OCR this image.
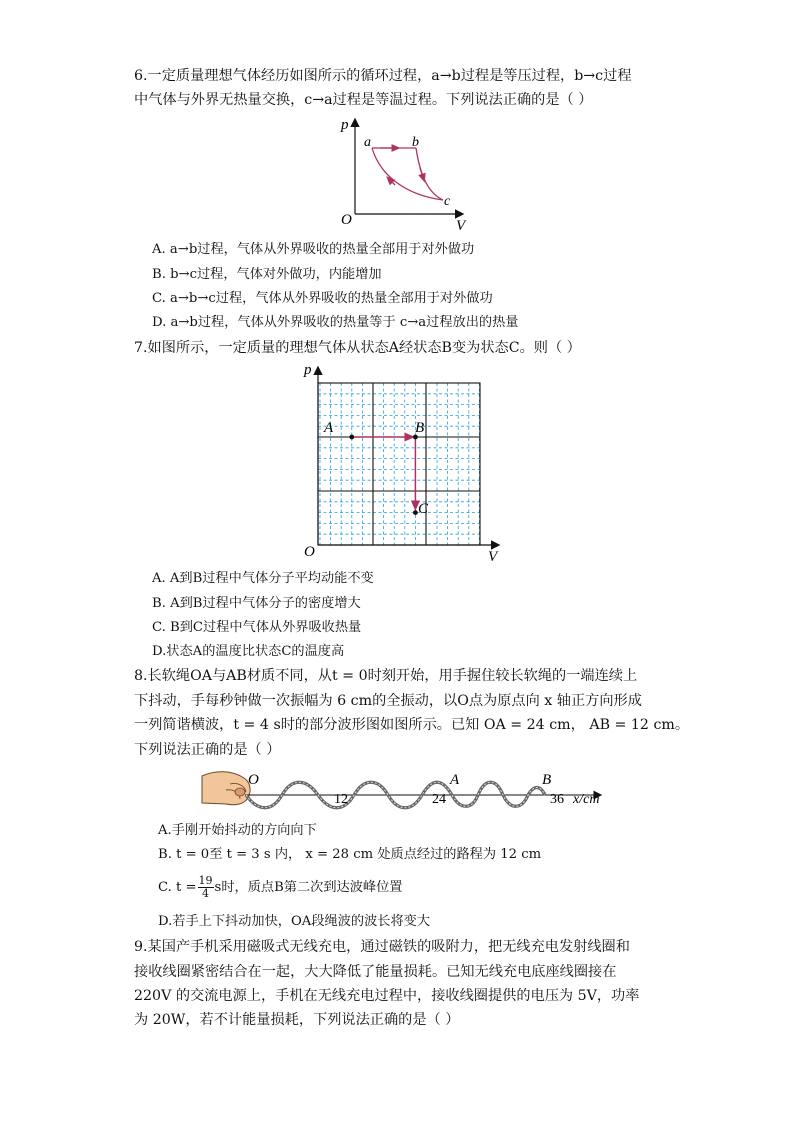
6.一定质量理想气体经历如图所示的循环过程，a→b过程是等压过程，b→c过程
中气体与外界无热量交换，c→a过程是等温过程。下列说法正确的是（ ）
p
V
O
a	b
c
A. a→b过程，气体从外界吸收的热量全部用于对外做功
B. b→c过程，气体对外做功，内能增加
C. a→b→c过程，气体从外界吸收的热量全部用于对外做功
D. a→b过程，气体从外界吸收的热量等于 c→a过程放出的热量
7.如图所示，一定质量的理想气体从状态A经状态B变为状态C。则（ ）
p
V
O
A	B
C
A. A到B过程中气体分子平均动能不变
B. A到B过程中气体分子的密度增大
C. B到C过程中气体从外界吸收热量
D.状态A的温度比状态C的温度高
8.长软绳OA与AB材质不同，从t = 0时刻开始，用手握住较长软绳的一端连续上
下抖动，手每秒钟做一次振幅为 6 cm的全振动，以O点为原点向 x 轴正方向形成
一列简谐横波，t = 4 s时的部分波形图如图所示。已知 OA = 24 cm， AB = 12 cm。
下列说法正确的是（ ）
O	A	B
12	24	36 x/cm
A.手刚开始抖动的方向向下
B. t = 0至 t = 3 s 内， x = 28 cm 处质点经过的路程为 12 cm
C. $t = \frac{19}{4}$ s时，质点B第二次到达波峰位置
D.若手上下抖动加快，OA段绳波的波长将变大
9.某国产手机采用磁吸式无线充电，通过磁铁的吸附力，把无线充电发射线圈和
接收线圈紧密结合在一起，大大降低了能量损耗。已知无线充电底座线圈接在
220V 的交流电源上，手机在无线充电过程中，接收线圈提供的电压为 5V，功率
为 20W，若不计能量损耗，下列说法正确的是（ ）
